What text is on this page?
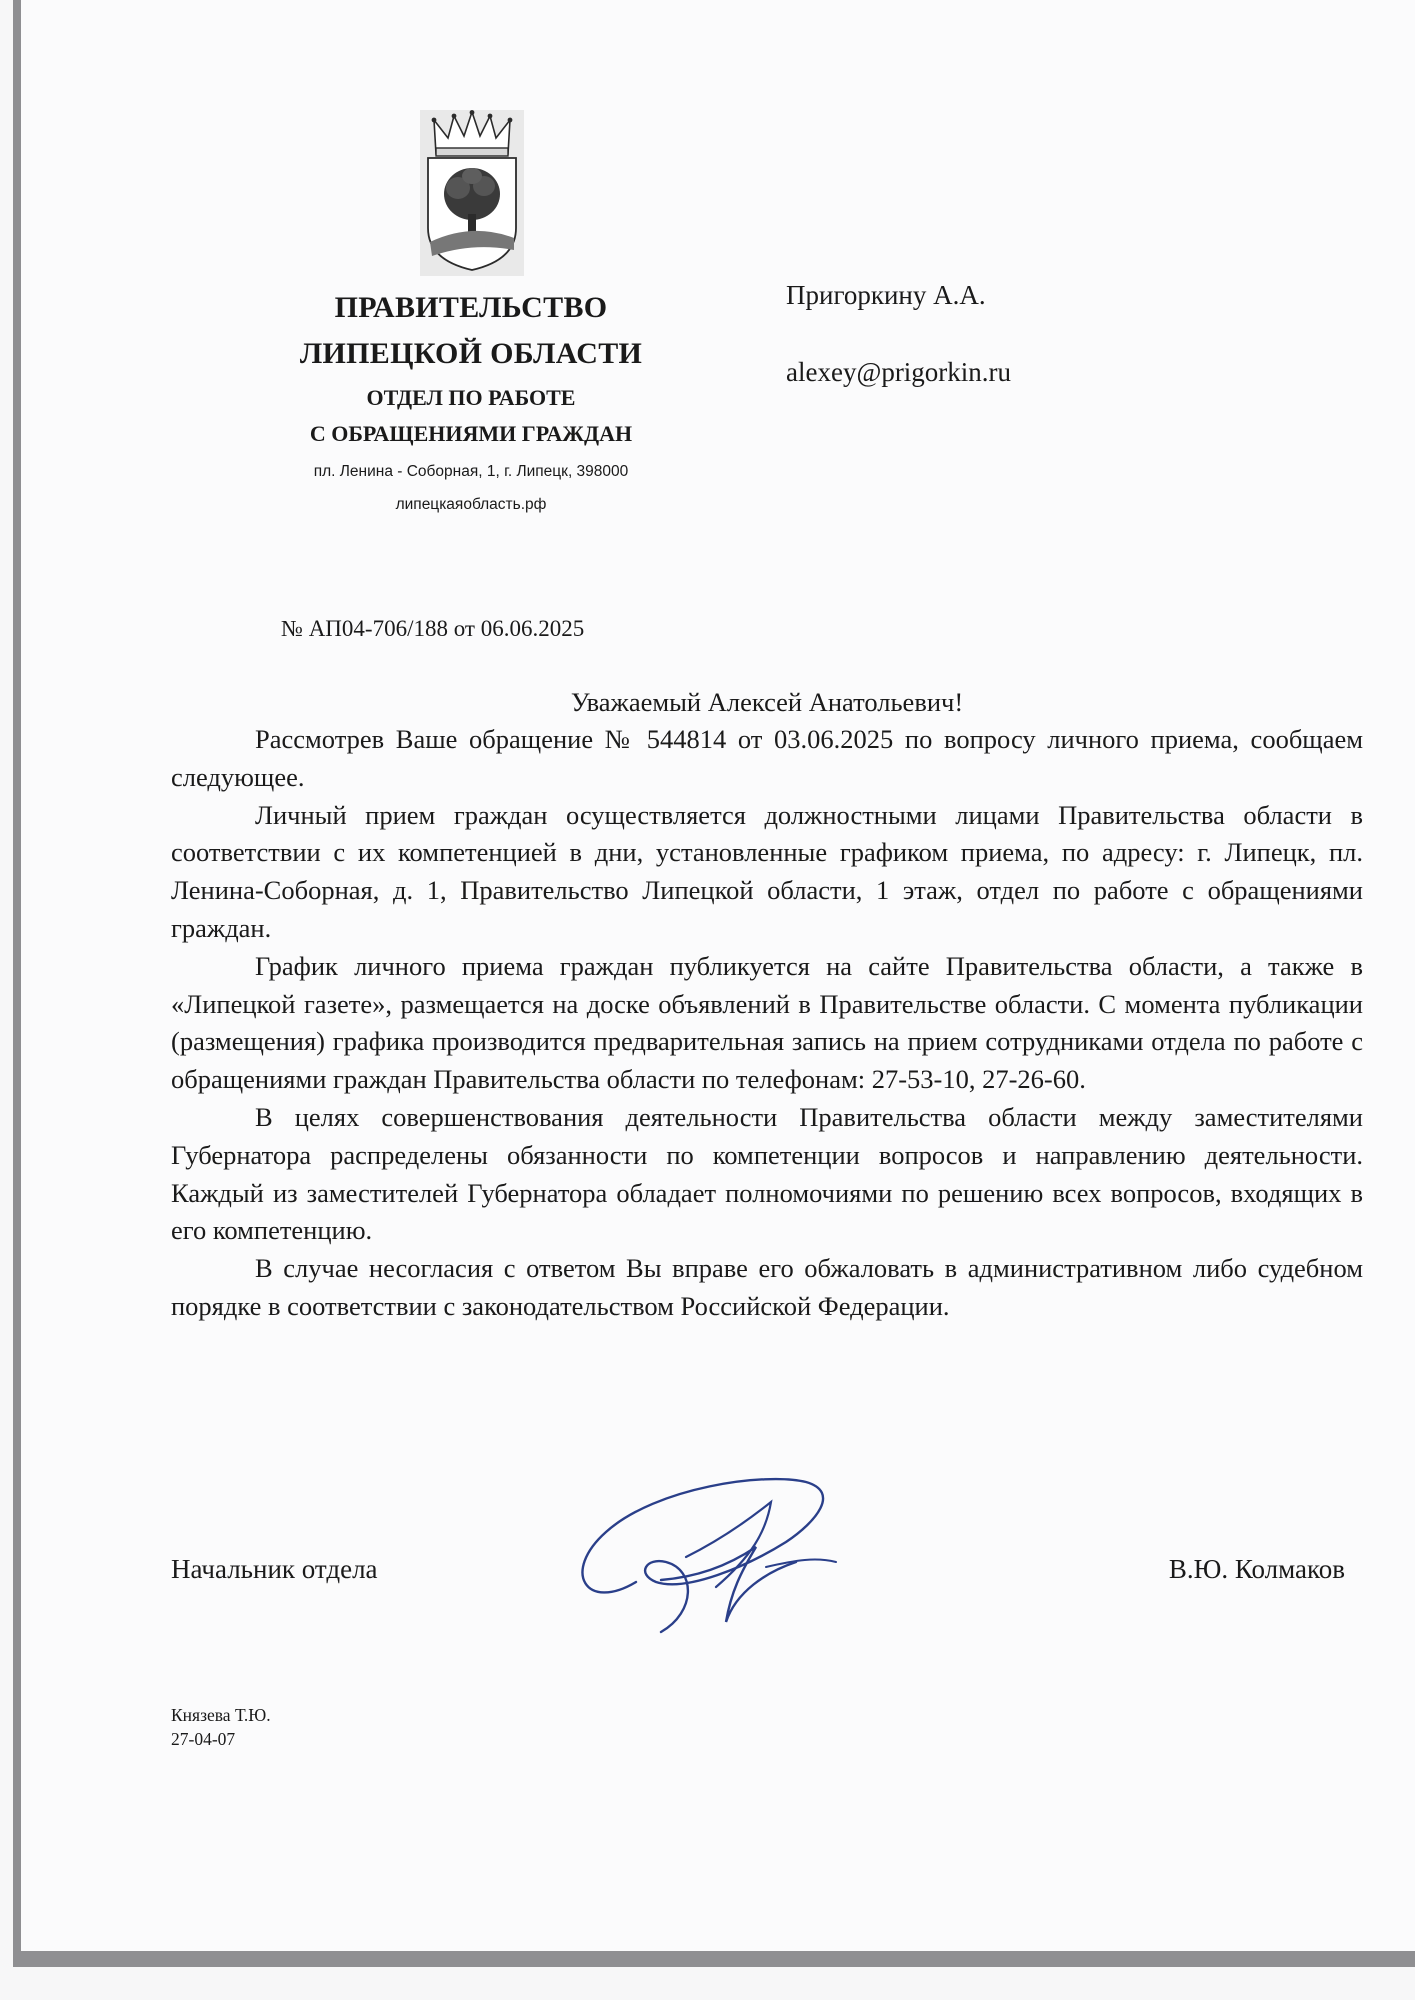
ПРАВИТЕЛЬСТВО
ЛИПЕЦКОЙ ОБЛАСТИ
ОТДЕЛ ПО РАБОТЕ
С ОБРАЩЕНИЯМИ ГРАЖДАН
пл. Ленина - Соборная, 1, г. Липецк, 398000
липецкаяобласть.рф
Пригоркину А.А.
alexey@prigorkin.ru
№ АП04-706/188 от 06.06.2025
Уважаемый Алексей Анатольевич!

Рассмотрев Ваше обращение № 544814 от 03.06.2025 по вопросу личного приема, сообщаем следующее.

Личный прием граждан осуществляется должностными лицами Правительства области в соответствии с их компетенцией в дни, установленные графиком приема, по адресу: г. Липецк, пл. Ленина-Соборная, д. 1, Правительство Липецкой области, 1 этаж, отдел по работе с обращениями граждан.

График личного приема граждан публикуется на сайте Правительства области, а также в «Липецкой газете», размещается на доске объявлений в Правительстве области. С момента публикации (размещения) графика производится предварительная запись на прием сотрудниками отдела по работе с обращениями граждан Правительства области по телефонам: 27-53-10, 27-26-60.

В целях совершенствования деятельности Правительства области между заместителями Губернатора распределены обязанности по компетенции вопросов и направлению деятельности. Каждый из заместителей Губернатора обладает полномочиями по решению всех вопросов, входящих в его компетенцию.

В случае несогласия с ответом Вы вправе его обжаловать в административном либо судебном порядке в соответствии с законодательством Российской Федерации.

Начальник отдела	В.Ю. Колмаков
Князева Т.Ю.
27-04-07
